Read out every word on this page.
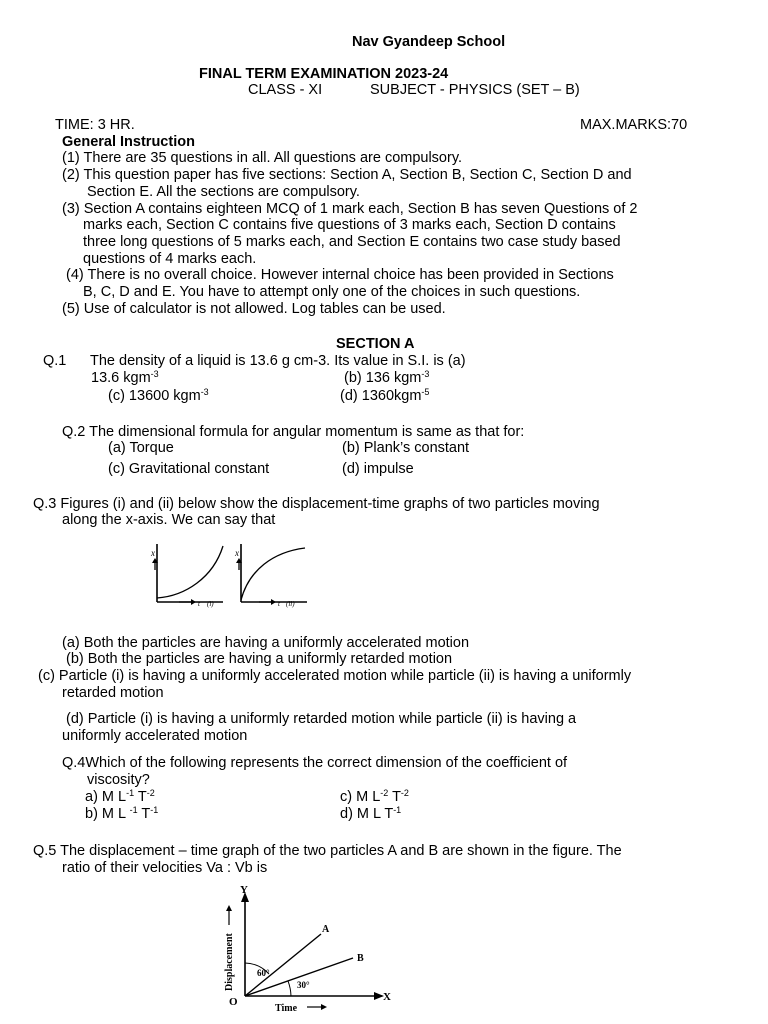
Nav Gyandeep School
FINAL TERM EXAMINATION 2023-24
CLASS - XI	SUBJECT - PHYSICS (SET – B)
TIME: 3 HR.	MAX.MARKS:70
General Instruction
(1) There are 35 questions in all. All questions are compulsory.
(2) This question paper has five sections: Section A, Section B, Section C, Section D and
Section E. All the sections are compulsory.
(3) Section A contains eighteen MCQ of 1 mark each, Section B has seven Questions of 2
marks each, Section C contains five questions of 3 marks each, Section D contains
three long questions of 5 marks each, and Section E contains two case study based
questions of 4 marks each.
(4) There is no overall choice. However internal choice has been provided in Sections
B, C, D and E. You have to attempt only one of the choices in such questions.
(5) Use of calculator is not allowed. Log tables can be used.
SECTION A
Q.1 The density of a liquid is 13.6 g cm-3. Its value in S.I. is (a)
13.6 kgm$^{-3}$	(b) 136 kgm$^{-3}$
(c) 13600 kgm$^{-3}$	(d) 1360kgm$^{-5}$
Q.2 The dimensional formula for angular momentum is same as that for:
(a) Torque	(b) Plank’s constant
(c) Gravitational constant	(d) impulse
Q.3 Figures (i) and (ii) below show the displacement-time graphs of two particles moving
along the x-axis. We can say that
x
t (i)
x
t (ii)
(a) Both the particles are having a uniformly accelerated motion
(b) Both the particles are having a uniformly retarded motion
(c) Particle (i) is having a uniformly accelerated motion while particle (ii) is having a uniformly
retarded motion
(d) Particle (i) is having a uniformly retarded motion while particle (ii) is having a
uniformly accelerated motion
Q.4Which of the following represents the correct dimension of the coefficient of
viscosity?
a) M $L^{-1}$ $T^{-2}$	c) M $L^{-2}$ $T^{-2}$
b) M L $^{-1}$ $T^{-1}$	d) M L $T^{-1}$
Q.5 The displacement – time graph of the two particles A and B are shown in the figure. The
ratio of their velocities Va : Vb is
Y
X
O
A
B
60°
30°
Displacement
Time
